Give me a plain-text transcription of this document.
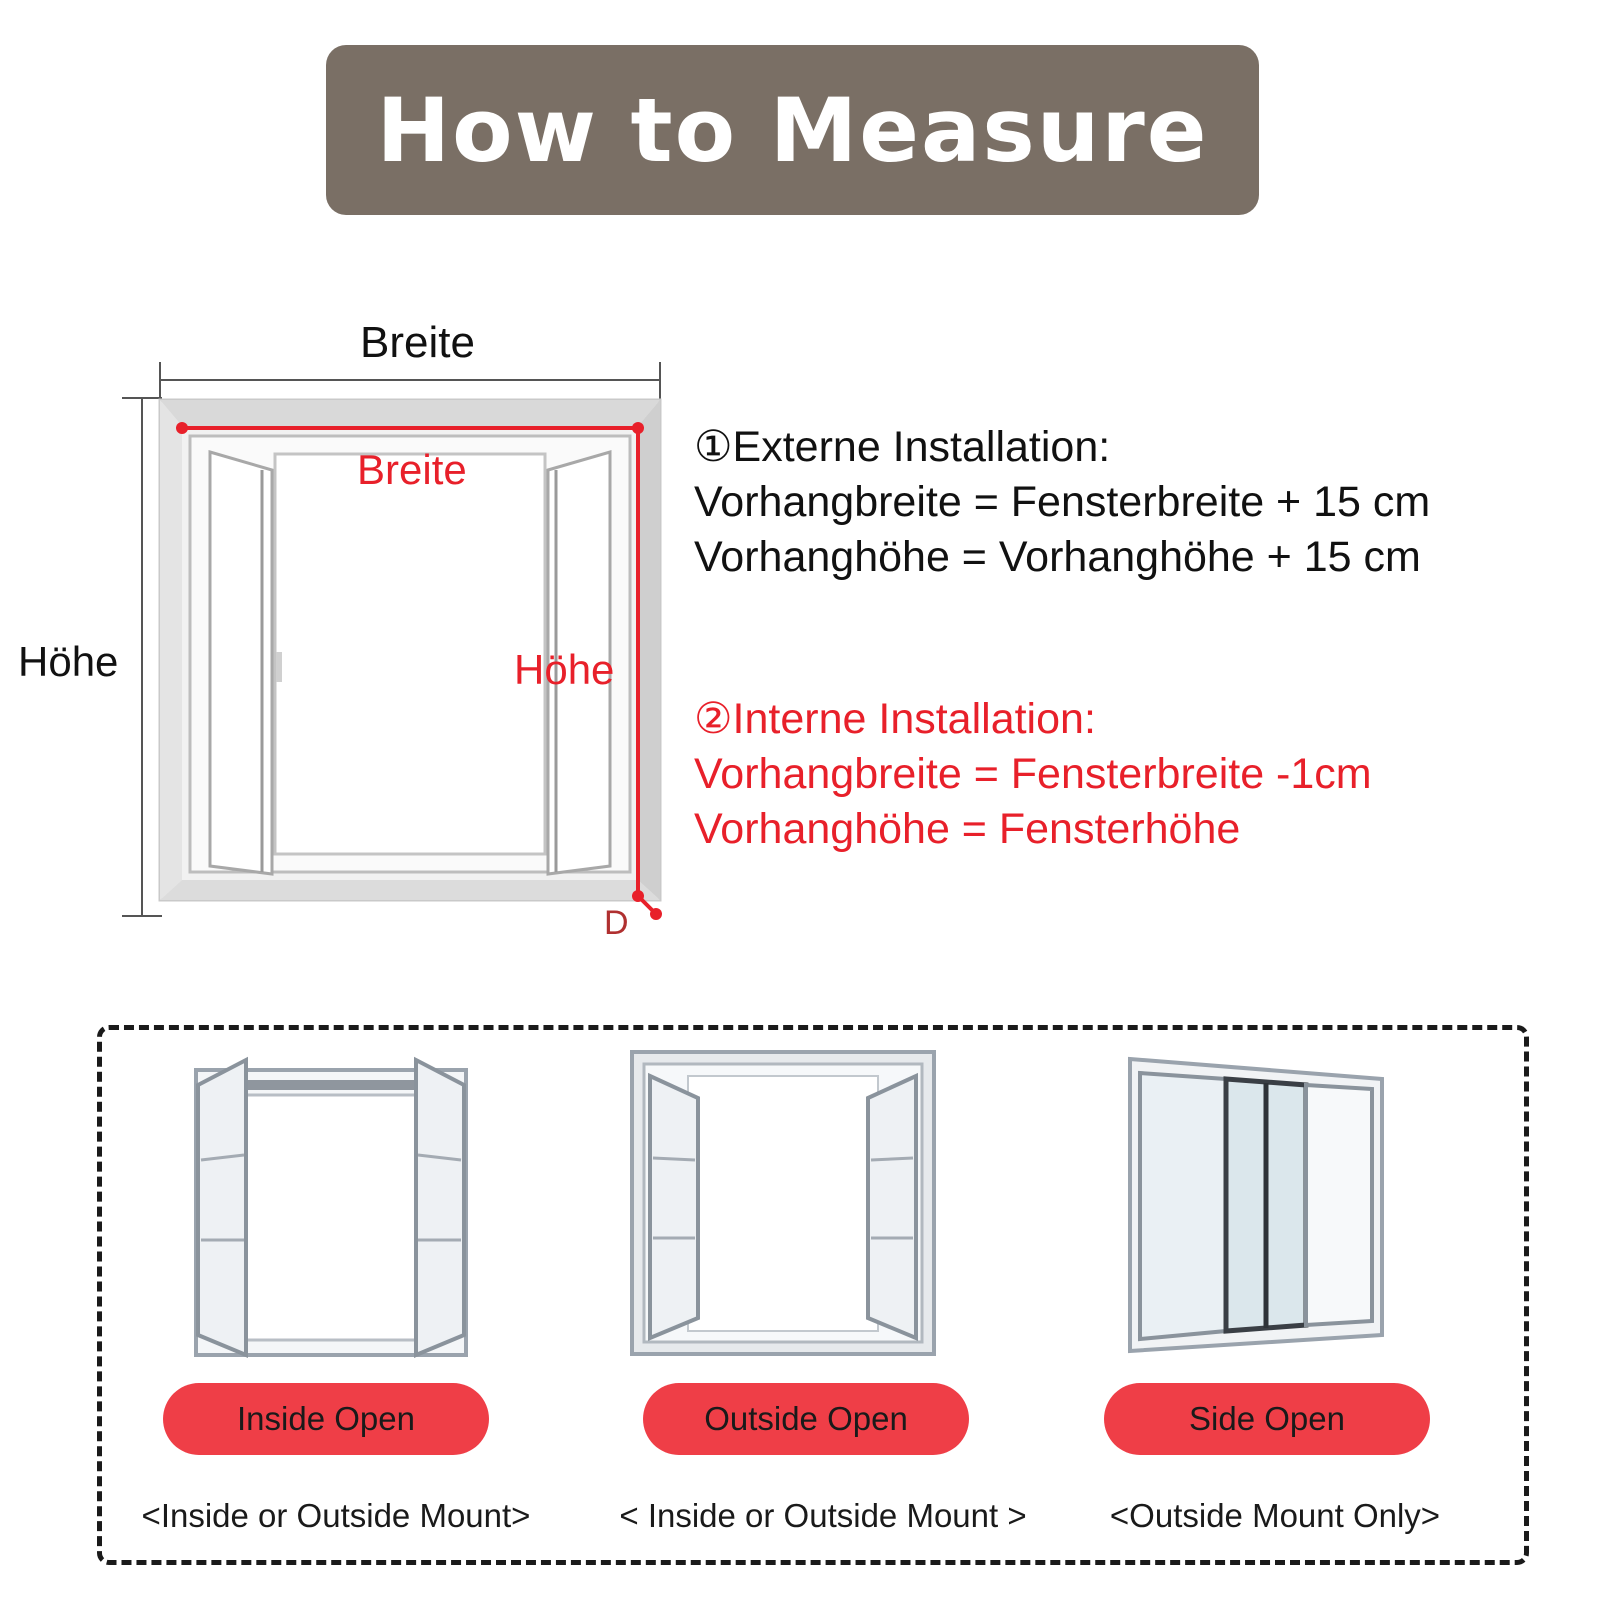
How to Measure
Breite
Höhe
Breite
Höhe
D
①Externe Installation:
Vorhangbreite = Fensterbreite + 15 cm
Vorhanghöhe = Vorhanghöhe + 15 cm
②Interne Installation:
Vorhangbreite = Fensterbreite -1cm
Vorhanghöhe = Fensterhöhe
Inside Open	Outside Open	Side Open
<Inside or Outside Mount>	< Inside or Outside Mount >	<Outside Mount Only>
